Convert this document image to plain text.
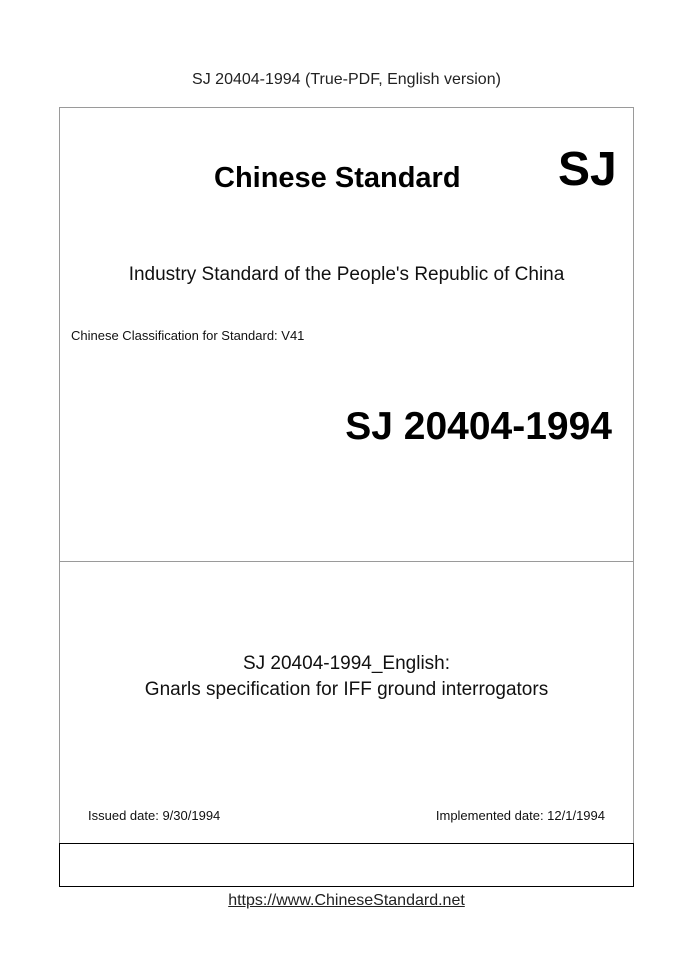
SJ 20404-1994 (True-PDF, English version)
Chinese Standard SJ
Industry Standard of the People's Republic of China
Chinese Classification for Standard: V41
SJ 20404-1994
SJ 20404-1994_English:
Gnarls specification for IFF ground interrogators
Issued date: 9/30/1994	Implemented date: 12/1/1994
https://www.ChineseStandard.net
